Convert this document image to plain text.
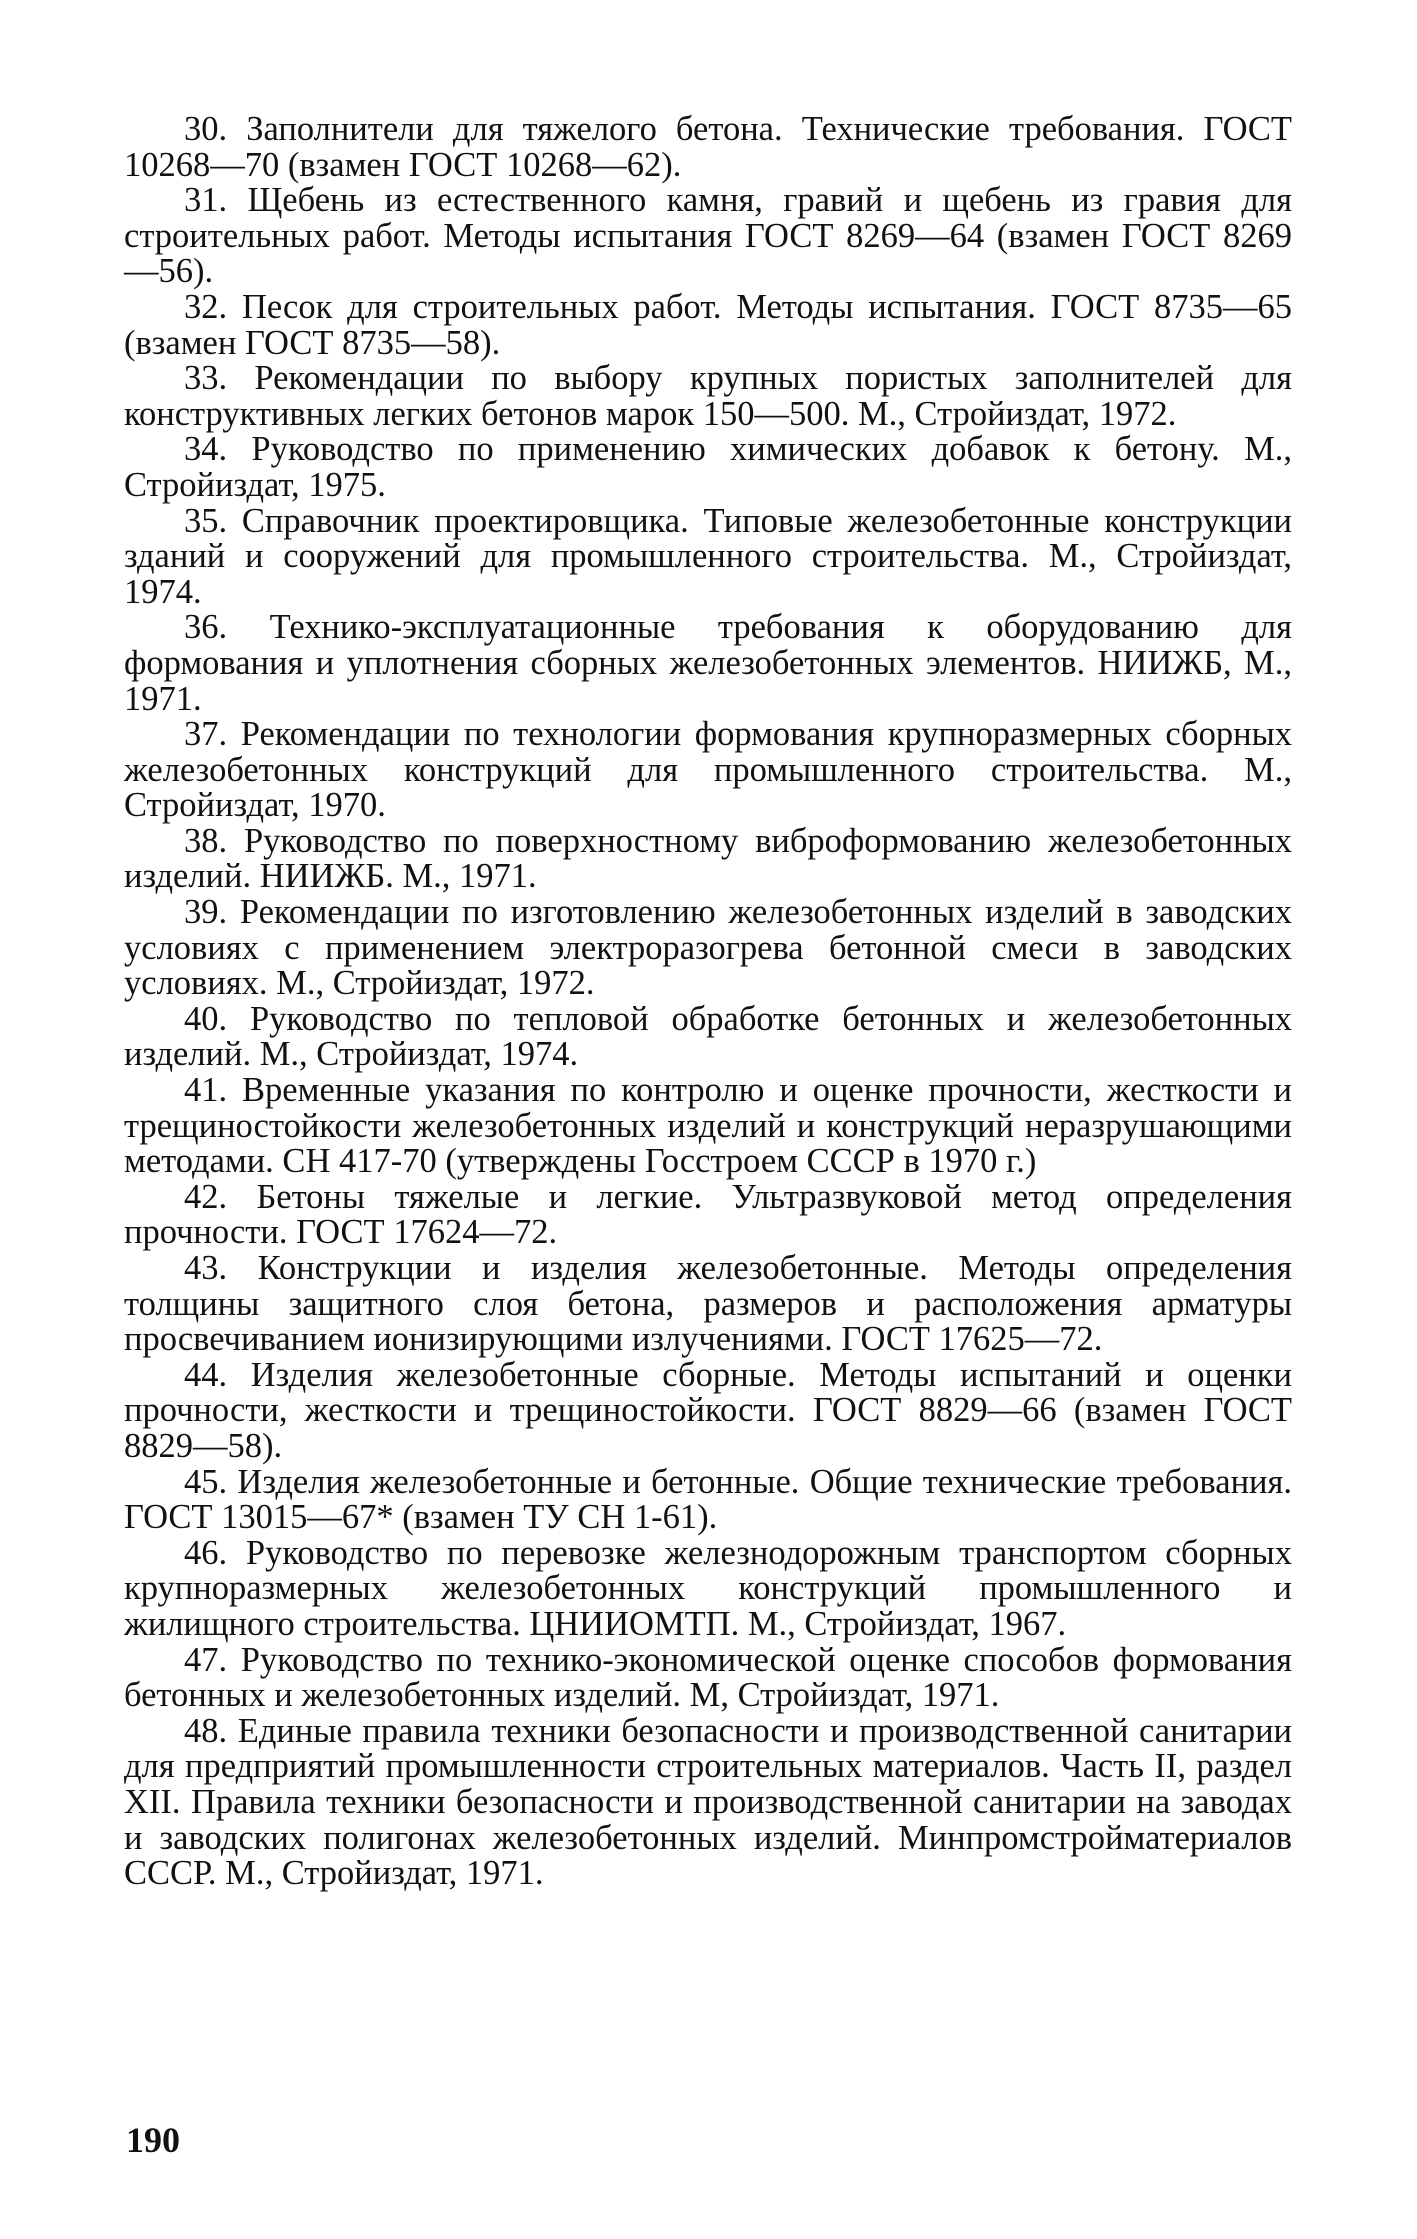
30. Заполнители для тяжелого бетона. Технические требования. ГОСТ 10268—70 (взамен ГОСТ 10268—62).
31. Щебень из естественного камня, гравий и щебень из гравия для строительных работ. Методы испытания ГОСТ 8269—64 (взамен ГОСТ 8269—56).
32. Песок для строительных работ. Методы испытания. ГОСТ 8735—65 (взамен ГОСТ 8735—58).
33. Рекомендации по выбору крупных пористых заполнителей для конструктивных легких бетонов марок 150—500. М., Стройиздат, 1972.
34. Руководство по применению химических добавок к бетону. М., Стройиздат, 1975.
35. Справочник проектировщика. Типовые железобетонные конструкции зданий и сооружений для промышленного строительства. М., Стройиздат, 1974.
36. Технико-эксплуатационные требования к оборудованию для формования и уплотнения сборных железобетонных элементов. НИИЖБ, М., 1971.
37. Рекомендации по технологии формования крупноразмерных сборных железобетонных конструкций для промышленного строительства. М., Стройиздат, 1970.
38. Руководство по поверхностному виброформованию железобетонных изделий. НИИЖБ. М., 1971.
39. Рекомендации по изготовлению железобетонных изделий в заводских условиях с применением электроразогрева бетонной смеси в заводских условиях. М., Стройиздат, 1972.
40. Руководство по тепловой обработке бетонных и железобетонных изделий. М., Стройиздат, 1974.
41. Временные указания по контролю и оценке прочности, жесткости и трещиностойкости железобетонных изделий и конструкций неразрушающими методами. СН 417-70 (утверждены Госстроем СССР в 1970 г.)
42. Бетоны тяжелые и легкие. Ультразвуковой метод определения прочности. ГОСТ 17624—72.
43. Конструкции и изделия железобетонные. Методы определения толщины защитного слоя бетона, размеров и расположения арматуры просвечиванием ионизирующими излучениями. ГОСТ 17625—72.
44. Изделия железобетонные сборные. Методы испытаний и оценки прочности, жесткости и трещиностойкости. ГОСТ 8829—66 (взамен ГОСТ 8829—58).
45. Изделия железобетонные и бетонные. Общие технические требования. ГОСТ 13015—67* (взамен ТУ СН 1-61).
46. Руководство по перевозке железнодорожным транспортом сборных крупноразмерных железобетонных конструкций промышленного и жилищного строительства. ЦНИИОМТП. М., Стройиздат, 1967.
47. Руководство по технико-экономической оценке способов формования бетонных и железобетонных изделий. М, Стройиздат, 1971.
48. Единые правила техники безопасности и производственной санитарии для предприятий промышленности строительных материалов. Часть II, раздел XII. Правила техники безопасности и производственной санитарии на заводах и заводских полигонах железобетонных изделий. Минпромстройматериалов СССР. М., Стройиздат, 1971.
190
